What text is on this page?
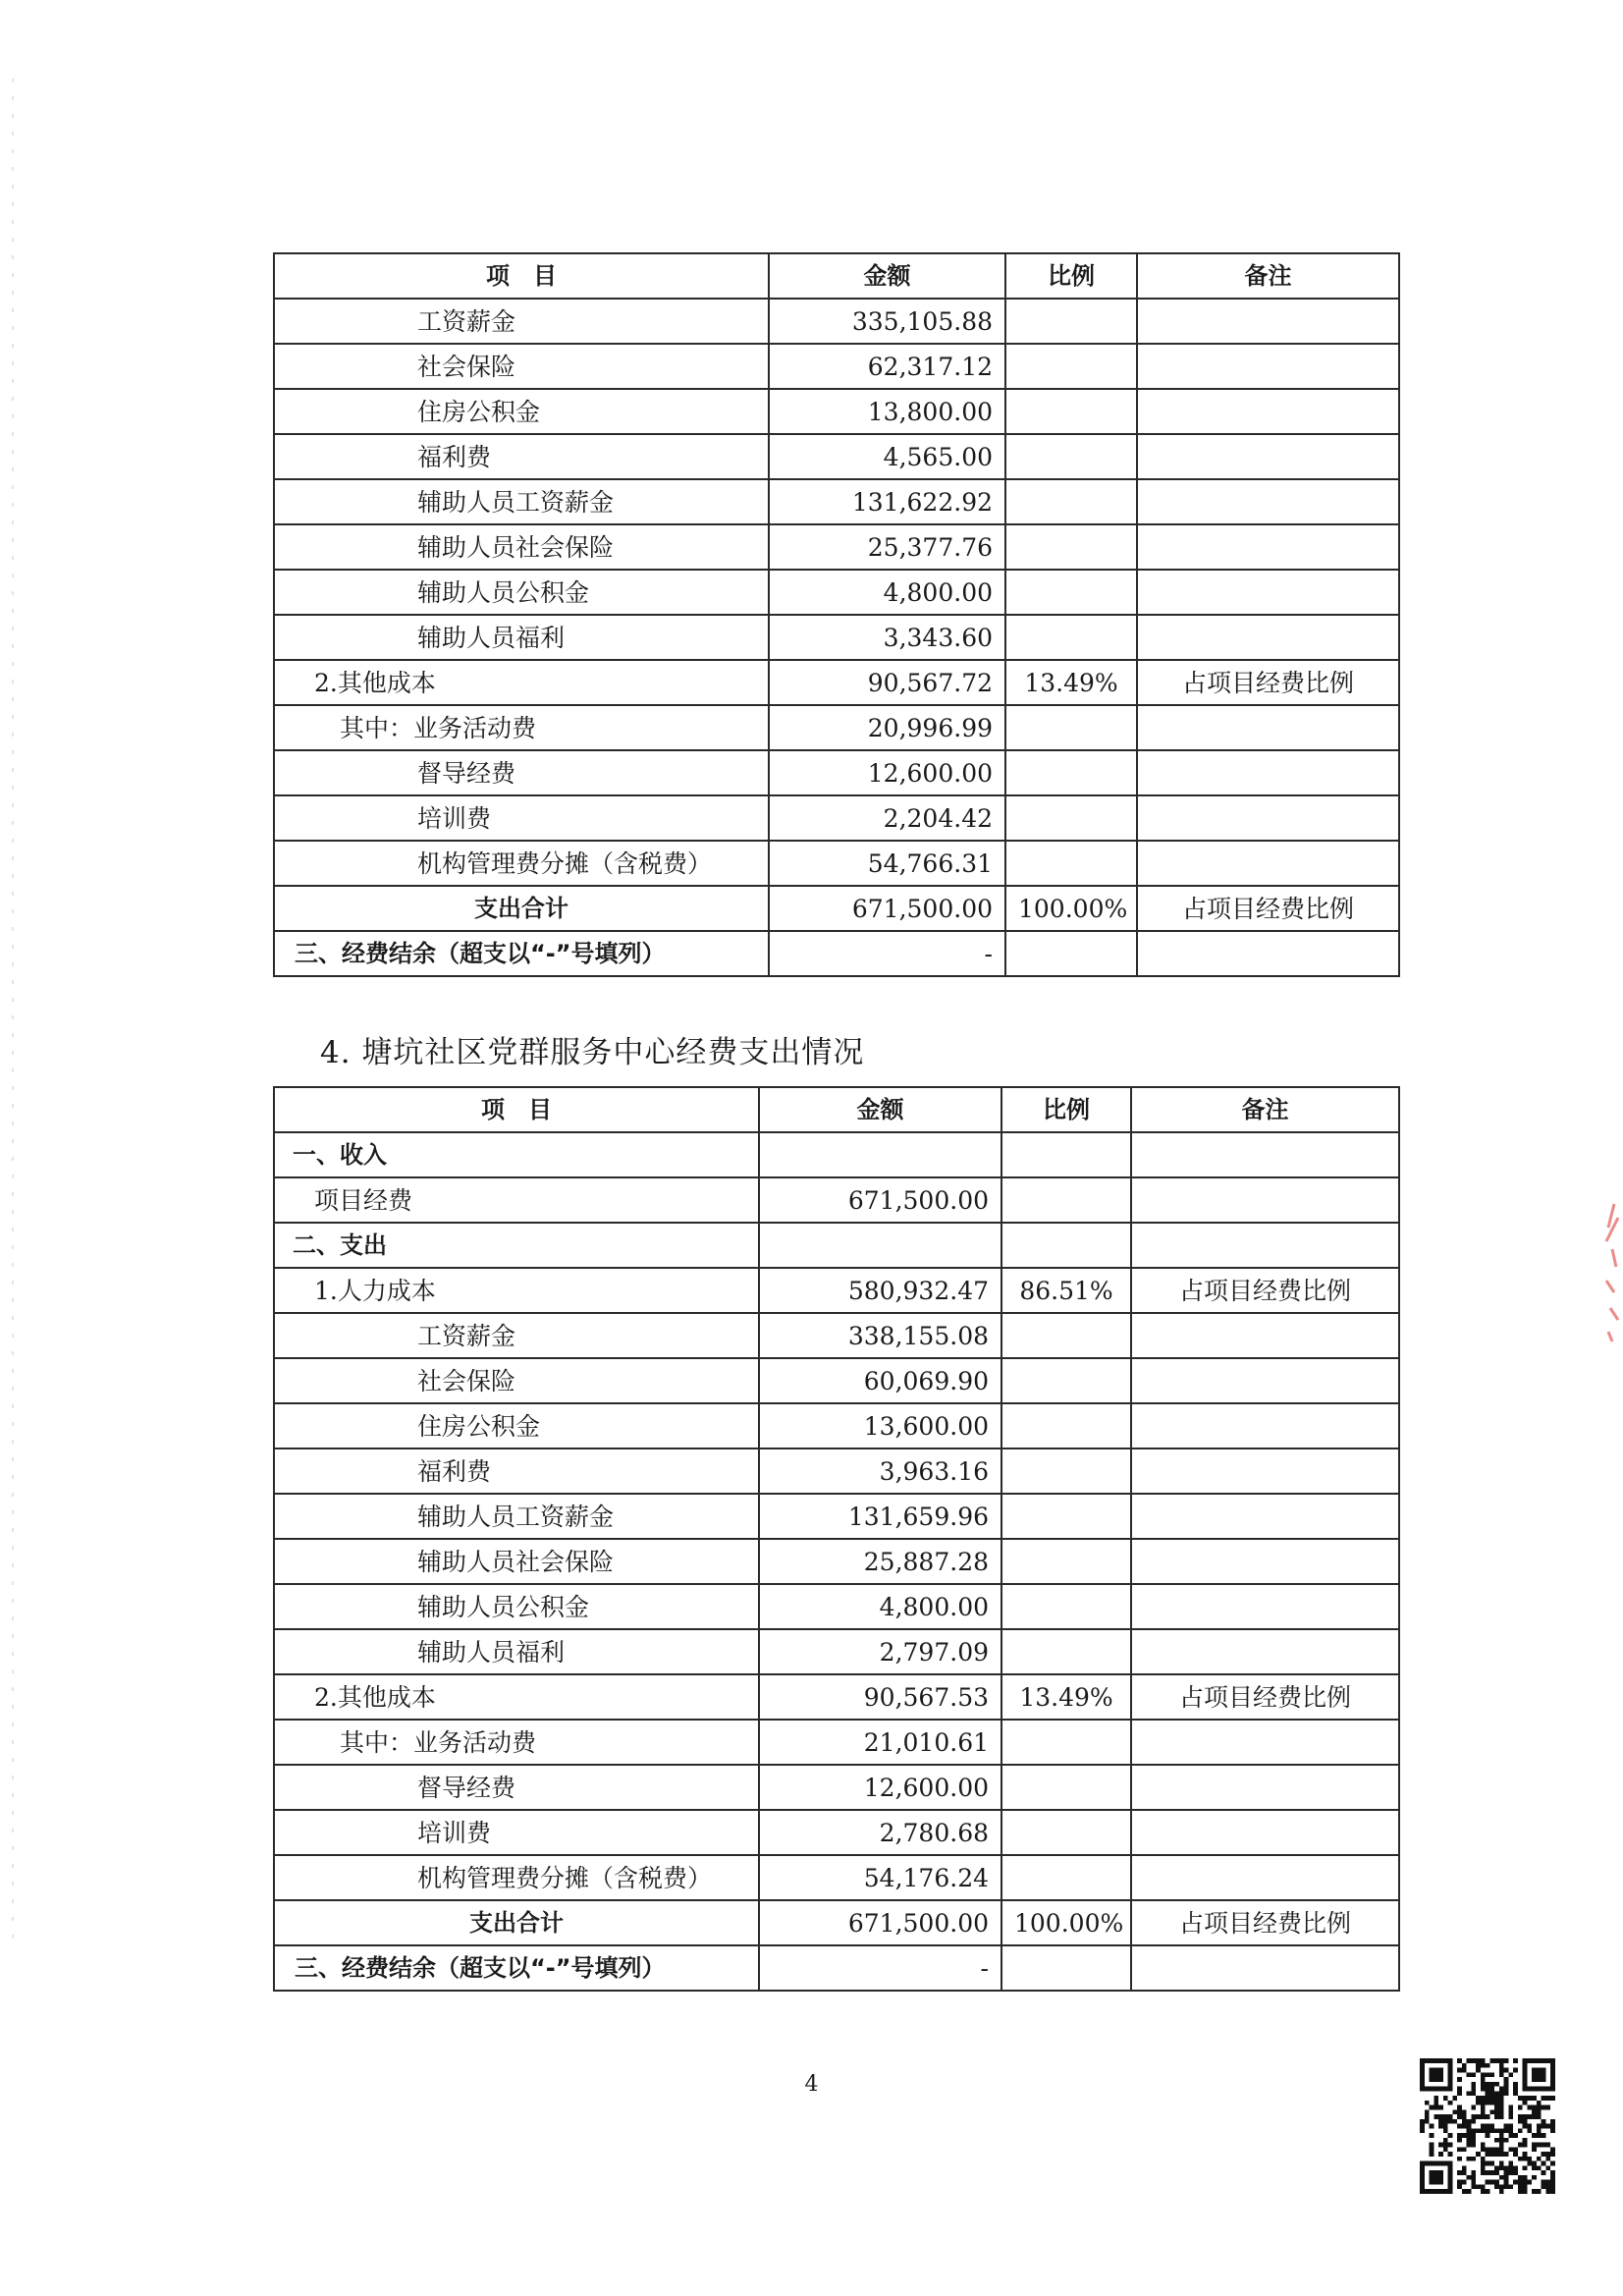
项　目	金额	比例	备注
工资薪金	335,105.88		
社会保险	62,317.12		
住房公积金	13,800.00		
福利费	4,565.00		
辅助人员工资薪金	131,622.92		
辅助人员社会保险	25,377.76		
辅助人员公积金	4,800.00		
辅助人员福利	3,343.60		
2.其他成本	90,567.72	13.49%	占项目经费比例
其中：业务活动费	20,996.99		
督导经费	12,600.00		
培训费	2,204.42		
机构管理费分摊（含税费）	54,766.31		
支出合计	671,500.00	100.00%	占项目经费比例
三、经费结余（超支以“-”号填列）	-		
4. 塘坑社区党群服务中心经费支出情况
项　目	金额	比例	备注
一、收入			
项目经费	671,500.00		
二、支出			
1.人力成本	580,932.47	86.51%	占项目经费比例
工资薪金	338,155.08		
社会保险	60,069.90		
住房公积金	13,600.00		
福利费	3,963.16		
辅助人员工资薪金	131,659.96		
辅助人员社会保险	25,887.28		
辅助人员公积金	4,800.00		
辅助人员福利	2,797.09		
2.其他成本	90,567.53	13.49%	占项目经费比例
其中：业务活动费	21,010.61		
督导经费	12,600.00		
培训费	2,780.68		
机构管理费分摊（含税费）	54,176.24		
支出合计	671,500.00	100.00%	占项目经费比例
三、经费结余（超支以“-”号填列）	-		
4
